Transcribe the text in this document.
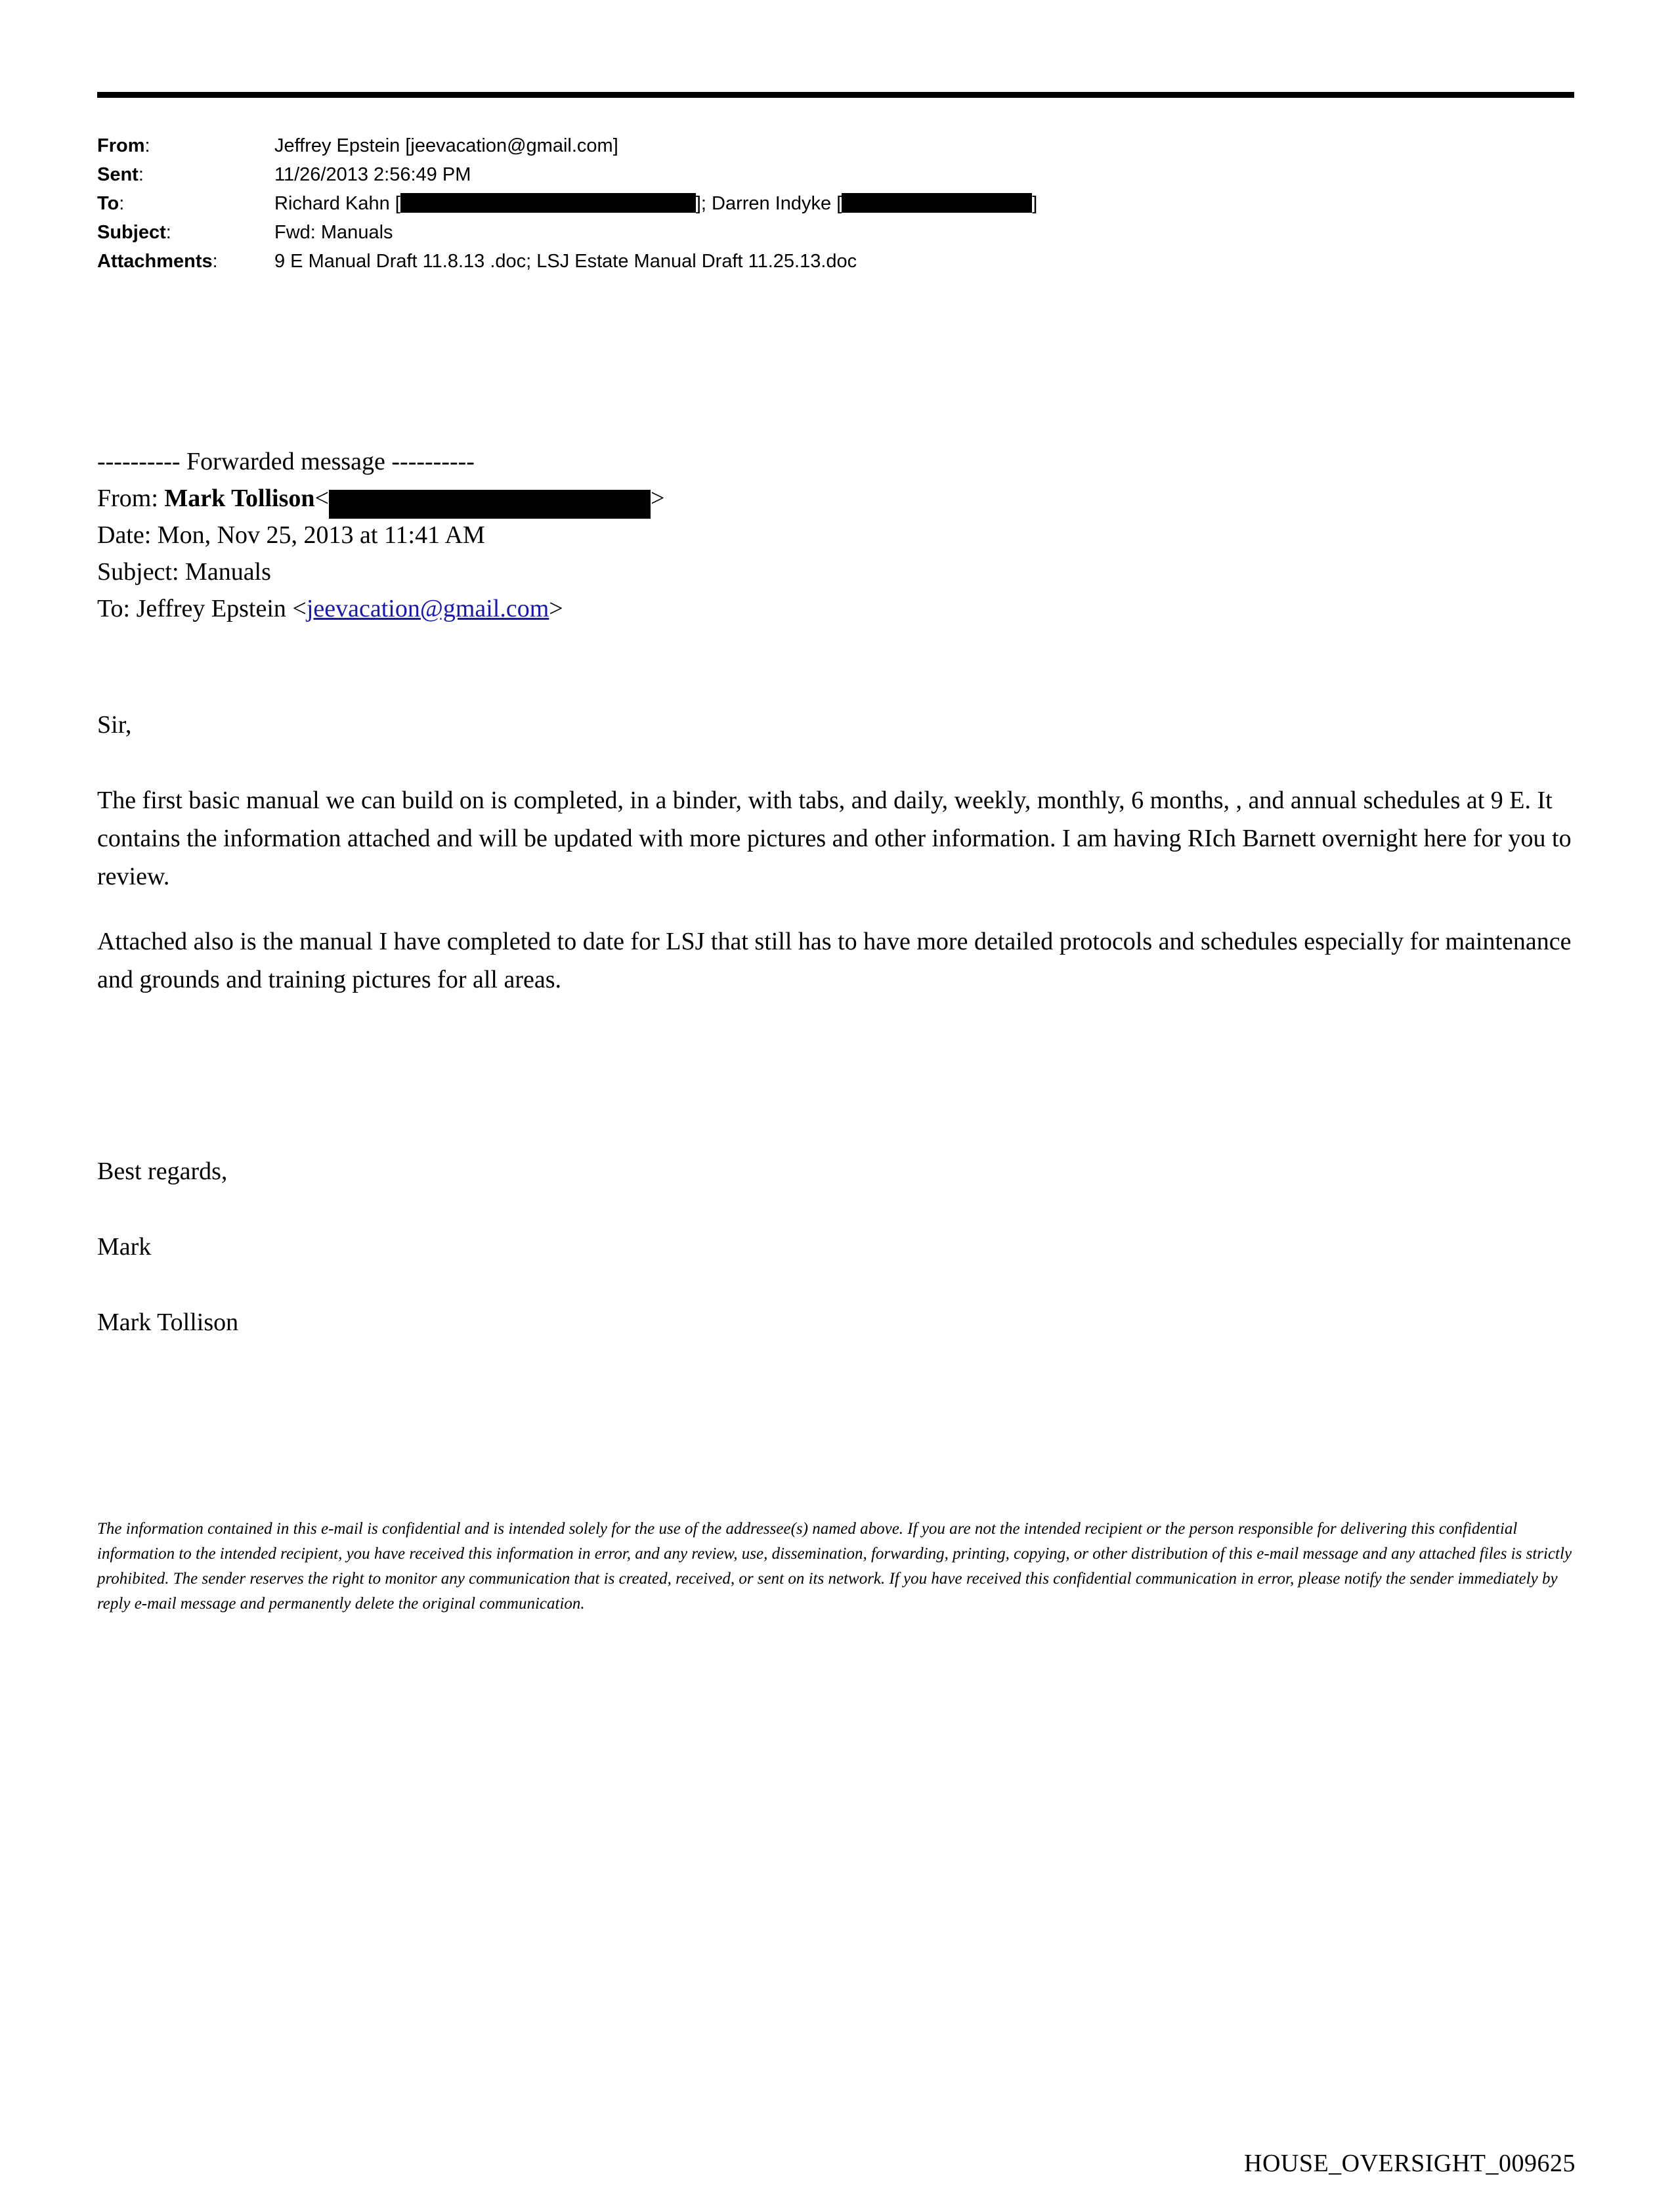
From:	Jeffrey Epstein [jeevacation@gmail.com]
Sent:	11/26/2013 2:56:49 PM
To:	Richard Kahn [	]; Darren Indyke [	]
Subject:	Fwd: Manuals
Attachments:	9 E Manual Draft 11.8.13 .doc; LSJ Estate Manual Draft 11.25.13.doc
---------- Forwarded message ----------
From: Mark Tollison<	>
Date: Mon, Nov 25, 2013 at 11:41 AM
Subject: Manuals
To: Jeffrey Epstein <jeevacation@gmail.com>
Sir,
The first basic manual we can build on is completed, in a binder, with tabs, and daily, weekly, monthly, 6 months, , and annual schedules at 9 E. It contains the information attached and will be updated with more pictures and other information. I am having RIch Barnett overnight here for you to review.
Attached also is the manual I have completed to date for LSJ that still has to have more detailed protocols and schedules especially for maintenance and grounds and training pictures for all areas.
Best regards,
Mark
Mark Tollison
The information contained in this e-mail is confidential and is intended solely for the use of the addressee(s) named above. If you are not the intended recipient or the person responsible for delivering this confidential information to the intended recipient, you have received this information in error, and any review, use, dissemination, forwarding, printing, copying, or other distribution of this e-mail message and any attached files is strictly prohibited. The sender reserves the right to monitor any communication that is created, received, or sent on its network. If you have received this confidential communication in error, please notify the sender immediately by reply e-mail message and permanently delete the original communication.
HOUSE_OVERSIGHT_009625
